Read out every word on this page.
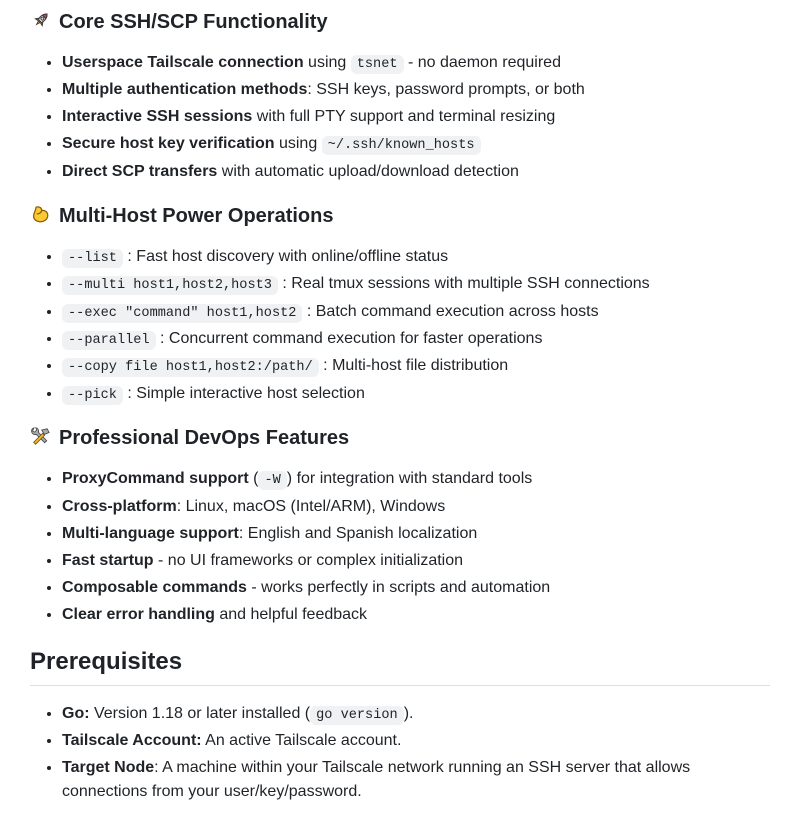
Core SSH/SCP Functionality
• Userspace Tailscale connection using tsnet - no daemon required
• Multiple authentication methods: SSH keys, password prompts, or both
• Interactive SSH sessions with full PTY support and terminal resizing
• Secure host key verification using ~/.ssh/known_hosts
• Direct SCP transfers with automatic upload/download detection
Multi-Host Power Operations
• --list : Fast host discovery with online/offline status
• --multi host1,host2,host3 : Real tmux sessions with multiple SSH connections
• --exec "command" host1,host2 : Batch command execution across hosts
• --parallel : Concurrent command execution for faster operations
• --copy file host1,host2:/path/ : Multi-host file distribution
• --pick : Simple interactive host selection
Professional DevOps Features
• ProxyCommand support ( -W ) for integration with standard tools
• Cross-platform: Linux, macOS (Intel/ARM), Windows
• Multi-language support: English and Spanish localization
• Fast startup - no UI frameworks or complex initialization
• Composable commands - works perfectly in scripts and automation
• Clear error handling and helpful feedback
Prerequisites
• Go: Version 1.18 or later installed ( go version ).
• Tailscale Account: An active Tailscale account.
• Target Node: A machine within your Tailscale network running an SSH server that allows connections from your user/key/password.
